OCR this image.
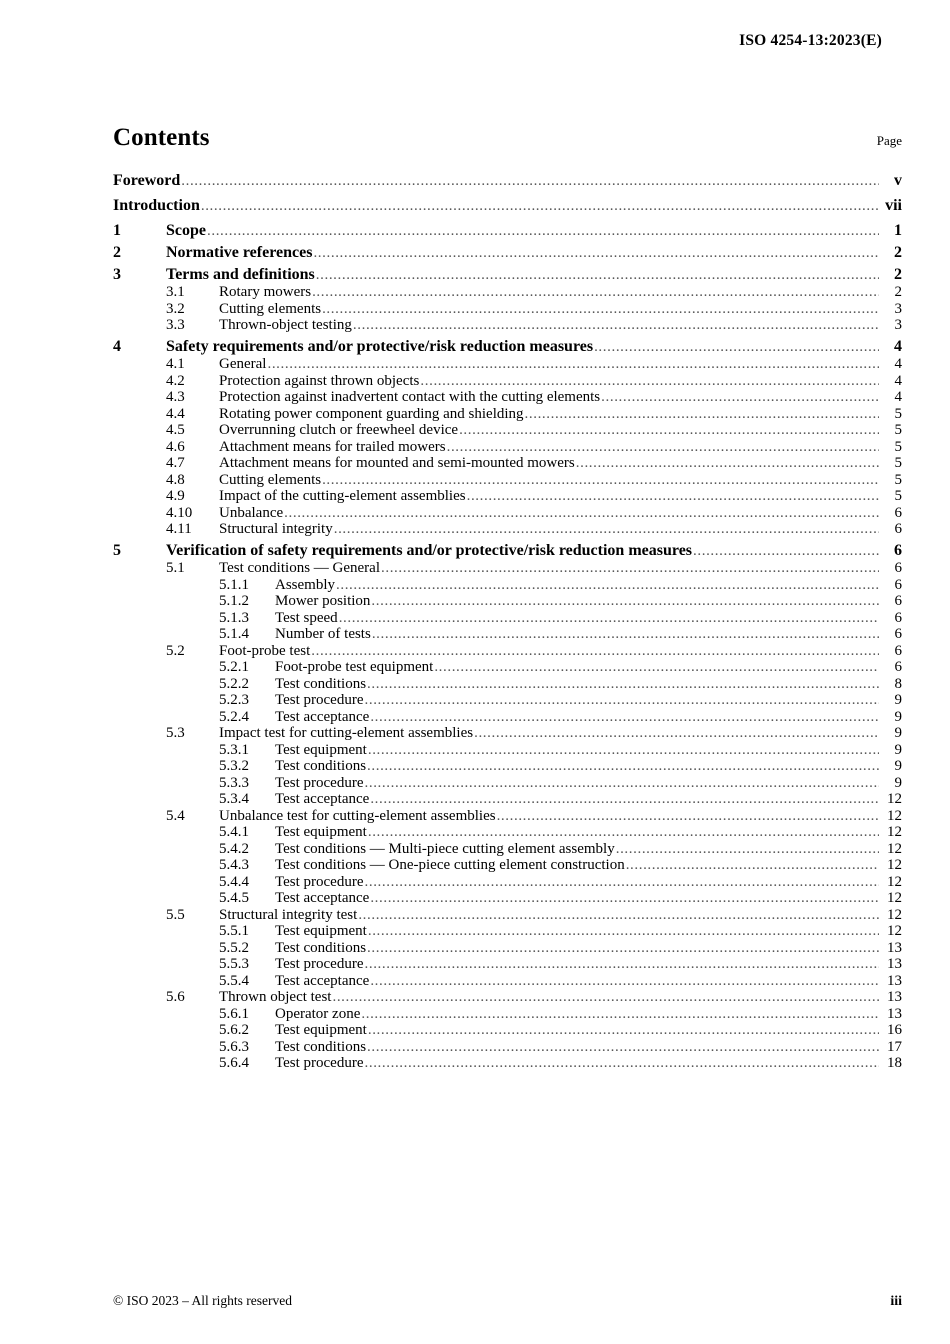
ISO 4254-13:2023(E)
Contents	Page
Foreword .....	v
Introduction .....	vii
1	Scope .....	1
2	Normative references .....	2
3	Terms and definitions .....	2
3.1	Rotary mowers .....	2
3.2	Cutting elements .....	3
3.3	Thrown-object testing .....	3
4	Safety requirements and/or protective/risk reduction measures .....	4
4.1	General .....	4
4.2	Protection against thrown objects .....	4
4.3	Protection against inadvertent contact with the cutting elements .....	4
4.4	Rotating power component guarding and shielding .....	5
4.5	Overrunning clutch or freewheel device .....	5
4.6	Attachment means for trailed mowers .....	5
4.7	Attachment means for mounted and semi-mounted mowers .....	5
4.8	Cutting elements .....	5
4.9	Impact of the cutting-element assemblies .....	5
4.10	Unbalance .....	6
4.11	Structural integrity .....	6
5	Verification of safety requirements and/or protective/risk reduction measures .....	6
5.1	Test conditions — General .....	6
5.1.1	Assembly .....	6
5.1.2	Mower position .....	6
5.1.3	Test speed .....	6
5.1.4	Number of tests .....	6
5.2	Foot-probe test .....	6
5.2.1	Foot-probe test equipment .....	6
5.2.2	Test conditions .....	8
5.2.3	Test procedure .....	9
5.2.4	Test acceptance .....	9
5.3	Impact test for cutting-element assemblies .....	9
5.3.1	Test equipment .....	9
5.3.2	Test conditions .....	9
5.3.3	Test procedure .....	9
5.3.4	Test acceptance .....	12
5.4	Unbalance test for cutting-element assemblies .....	12
5.4.1	Test equipment .....	12
5.4.2	Test conditions — Multi-piece cutting element assembly .....	12
5.4.3	Test conditions — One-piece cutting element construction .....	12
5.4.4	Test procedure .....	12
5.4.5	Test acceptance .....	12
5.5	Structural integrity test .....	12
5.5.1	Test equipment .....	12
5.5.2	Test conditions .....	13
5.5.3	Test procedure .....	13
5.5.4	Test acceptance .....	13
5.6	Thrown object test .....	13
5.6.1	Operator zone .....	13
5.6.2	Test equipment .....	16
5.6.3	Test conditions .....	17
5.6.4	Test procedure .....	18
© ISO 2023 – All rights reserved	iii
